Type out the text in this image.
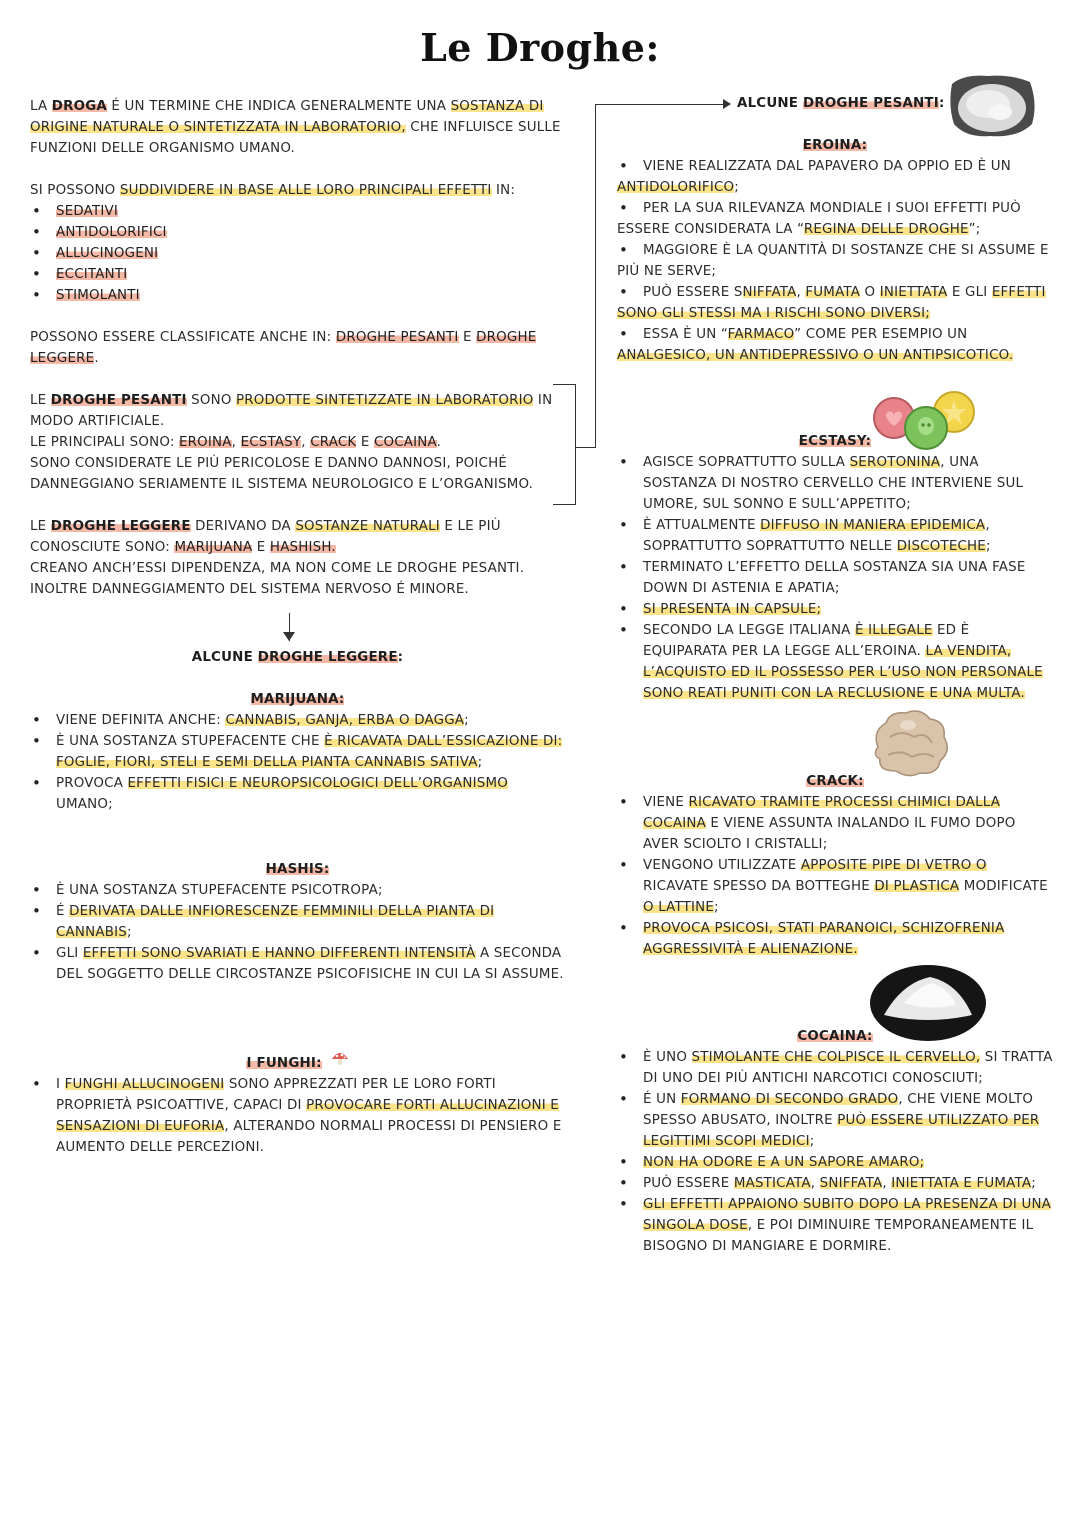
Le Droghe:

LA DROGA É UN TERMINE CHE INDICA GENERALMENTE UNA SOSTANZA DI ORIGINE NATURALE O SINTETIZZATA IN LABORATORIO, CHE INFLUISCE SULLE FUNZIONI DELLE ORGANISMO UMANO.

SI POSSONO SUDDIVIDERE IN BASE ALLE LORO PRINCIPALI EFFETTI IN:

• SEDATIVI
• ANTIDOLORIFICI
• ALLUCINOGENI
• ECCITANTI
• STIMOLANTI

POSSONO ESSERE CLASSIFICATE ANCHE IN: DROGHE PESANTI E DROGHE LEGGERE.

LE DROGHE PESANTI SONO PRODOTTE SINTETIZZATE IN LABORATORIO IN MODO ARTIFICIALE.
LE PRINCIPALI SONO: EROINA, ECSTASY, CRACK E COCAINA.
SONO CONSIDERATE LE PIÙ PERICOLOSE E DANNO DANNOSI, POICHÉ DANNEGGIANO SERIAMENTE IL SISTEMA NEUROLOGICO E L’ORGANISMO.

LE DROGHE LEGGERE DERIVANO DA SOSTANZE NATURALI E LE PIÙ CONOSCIUTE SONO: MARIJUANA E HASHISH.
CREANO ANCH’ESSI DIPENDENZA, MA NON COME LE DROGHE PESANTI. INOLTRE DANNEGGIAMENTO DEL SISTEMA NERVOSO É MINORE.

ALCUNE DROGHE LEGGERE:

MARIJUANA:

• VIENE DEFINITA ANCHE: CANNABIS, GANJA, ERBA O DAGGA;
• È UNA SOSTANZA STUPEFACENTE CHE È RICAVATA DALL’ESSICAZIONE DI: FOGLIE, FIORI, STELI E SEMI DELLA PIANTA CANNABIS SATIVA;
• PROVOCA EFFETTI FISICI E NEUROPSICOLOGICI DELL’ORGANISMO UMANO;

HASHIS:

• È UNA SOSTANZA STUPEFACENTE PSICOTROPA;
• É DERIVATA DALLE INFIORESCENZE FEMMINILI DELLA PIANTA DI CANNABIS;
• GLI EFFETTI SONO SVARIATI E HANNO DIFFERENTI INTENSITÀ A SECONDA DEL SOGGETTO DELLE CIRCOSTANZE PSICOFISICHE IN CUI LA SI ASSUME.

I FUNGHI:

• I FUNGHI ALLUCINOGENI SONO APPREZZATI PER LE LORO FORTI PROPRIETÀ PSICOATTIVE, CAPACI DI PROVOCARE FORTI ALLUCINAZIONI E SENSAZIONI DI EUFORIA, ALTERANDO NORMALI PROCESSI DI PENSIERO E AUMENTO DELLE PERCEZIONI.

ALCUNE DROGHE PESANTI:

EROINA:

• VIENE REALIZZATA DAL PAPAVERO DA OPPIO ED È UN ANTIDOLORIFICO;
• PER LA SUA RILEVANZA MONDIALE I SUOI EFFETTI PUÒ ESSERE CONSIDERATA LA “REGINA DELLE DROGHE”;
• MAGGIORE È LA QUANTITÀ DI SOSTANZE CHE SI ASSUME E PIÙ NE SERVE;
• PUÒ ESSERE SNIFFATA, FUMATA O INIETTATA E GLI EFFETTI SONO GLI STESSI MA I RISCHI SONO DIVERSI;
• ESSA È UN “FARMACO” COME PER ESEMPIO UN ANALGESICO, UN ANTIDEPRESSIVO O UN ANTIPSICOTICO.

ECSTASY:

• AGISCE SOPRATTUTTO SULLA SEROTONINA, UNA SOSTANZA DI NOSTRO CERVELLO CHE INTERVIENE SUL UMORE, SUL SONNO E SULL’APPETITO;
• È ATTUALMENTE DIFFUSO IN MANIERA EPIDEMICA, SOPRATTUTTO SOPRATTUTTO NELLE DISCOTECHE;
• TERMINATO L’EFFETTO DELLA SOSTANZA SIA UNA FASE DOWN DI ASTENIA E APATIA;
• SI PRESENTA IN CAPSULE;
• SECONDO LA LEGGE ITALIANA È ILLEGALE ED È EQUIPARATA PER LA LEGGE ALL’EROINA. LA VENDITA, L’ACQUISTO ED IL POSSESSO PER L’USO NON PERSONALE SONO REATI PUNITI CON LA RECLUSIONE E UNA MULTA.

CRACK:

• VIENE RICAVATO TRAMITE PROCESSI CHIMICI DALLA COCAINA E VIENE ASSUNTA INALANDO IL FUMO DOPO AVER SCIOLTO I CRISTALLI;
• VENGONO UTILIZZATE APPOSITE PIPE DI VETRO O RICAVATE SPESSO DA BOTTEGHE DI PLASTICA MODIFICATE O LATTINE;
• PROVOCA PSICOSI, STATI PARANOICI, SCHIZOFRENIA AGGRESSIVITÀ E ALIENAZIONE.

COCAINA:

• È UNO STIMOLANTE CHE COLPISCE IL CERVELLO, SI TRATTA DI UNO DEI PIÙ ANTICHI NARCOTICI CONOSCIUTI;
• É UN FORMANO DI SECONDO GRADO, CHE VIENE MOLTO SPESSO ABUSATO, INOLTRE PUÒ ESSERE UTILIZZATO PER LEGITTIMI SCOPI MEDICI;
• NON HA ODORE E A UN SAPORE AMARO;
• PUÒ ESSERE MASTICATA, SNIFFATA, INIETTATA E FUMATA;
• GLI EFFETTI APPAIONO SUBITO DOPO LA PRESENZA DI UNA SINGOLA DOSE, E POI DIMINUIRE TEMPORANEAMENTE IL BISOGNO DI MANGIARE E DORMIRE.
